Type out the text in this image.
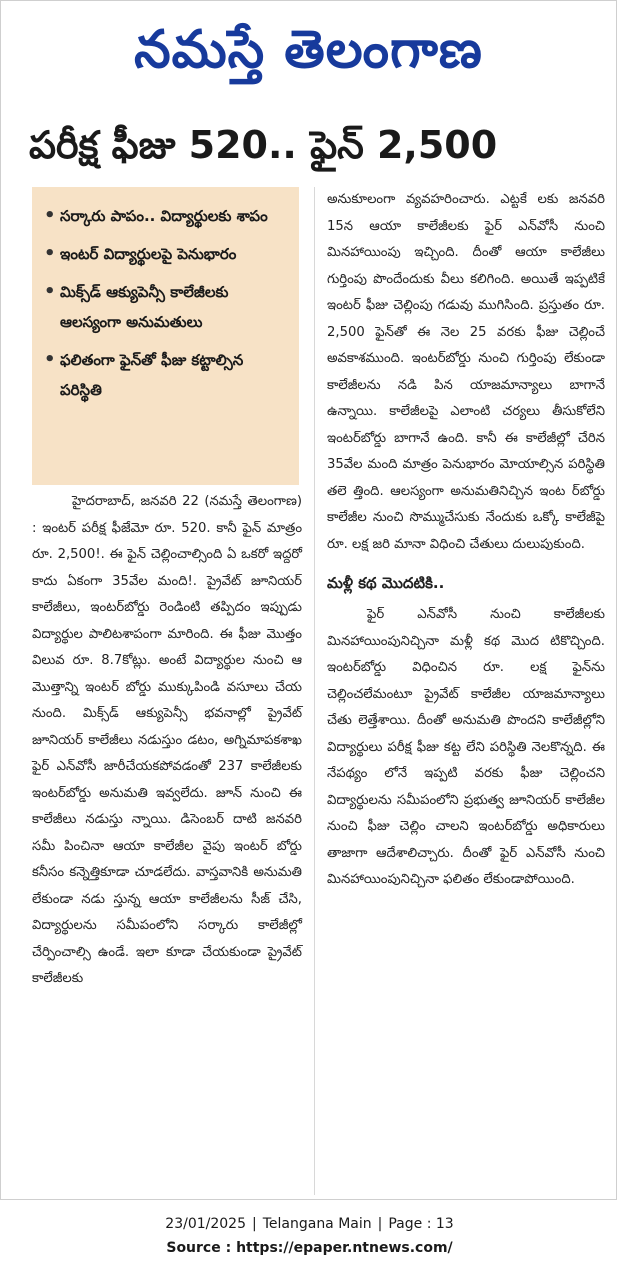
నమస్తే తెలంగాణ
పరీక్ష ఫీజు 520.. ఫైన్ 2,500
• సర్కారు పాపం.. విద్యార్థులకు శాపం
• ఇంటర్ విద్యార్థులపై పెనుభారం
• మిక్స్‌డ్ ఆక్యుపెన్సీ కాలేజీలకు ఆలస్యంగా అనుమతులు
• ఫలితంగా ఫైన్‌తో ఫీజు కట్టాల్సిన పరిస్థితి

హైదరాబాద్, జనవరి 22 (నమస్తే తెలంగాణ) : ఇంటర్ పరీక్ష ఫీజేమో రూ. 520. కానీ ఫైన్ మాత్రం రూ. 2,500!. ఈ ఫైన్ చెల్లించాల్సింది ఏ ఒకరో ఇద్దరో కాదు ఏకంగా 35వేల మంది!. ప్రైవేట్ జూనియర్ కాలేజీలు, ఇంటర్‌బోర్డు రెండింటి తప్పిదం ఇప్పుడు విద్యార్థుల పాలిటశాపంగా మారింది. ఈ ఫీజు మొత్తం విలువ రూ. 8.7కోట్లు. అంటే విద్యార్థుల నుంచి ఆ మొత్తాన్ని ఇంటర్ బోర్డు ముక్కుపిండి వసూలు చేయ నుంది. మిక్స్‌డ్ ఆక్యుపెన్సీ భవనాల్లో ప్రైవేట్ జూనియర్ కాలేజీలు నడుస్తుం డటం, అగ్నిమాపకశాఖ ఫైర్ ఎన్‌వోసీ జారీచేయకపోవడంతో 237 కాలేజీలకు ఇంటర్‌బోర్డు అనుమతి ఇవ్వలేదు. జూన్ నుంచి ఈ కాలేజీలు నడుస్తు న్నాయి. డిసెంబర్ దాటి జనవరి సమీ పించినా ఆయా కాలేజీల వైపు ఇంటర్ బోర్డు కనీసం కన్నెత్తికూడా చూడలేదు. వాస్తవానికి అనుమతి లేకుండా నడు స్తున్న ఆయా కాలేజీలను సీజ్ చేసి, విద్యార్థులను సమీపంలోని సర్కారు కాలేజీల్లో చేర్పించాల్సి ఉండే. ఇలా కూడా చేయకుండా ప్రైవేట్ కాలేజీలకు

అనుకూలంగా వ్యవహరించారు. ఎట్టకే లకు జనవరి 15న ఆయా కాలేజీలకు ఫైర్ ఎన్‌వోసీ నుంచి మినహాయింపు ఇచ్చింది. దీంతో ఆయా కాలేజీలు గుర్తింపు పొందేందుకు వీలు కలిగింది. అయితే ఇప్పటికే ఇంటర్ ఫీజు చెల్లింపు గడువు ముగిసింది. ప్రస్తుతం రూ. 2,500 ఫైన్‌తో ఈ నెల 25 వరకు ఫీజు చెల్లించే అవకాశముంది. ఇంటర్‌బోర్డు నుంచి గుర్తింపు లేకుండా కాలేజీలను నడి పిన యాజమాన్యాలు బాగానే ఉన్నాయి. కాలేజీలపై ఎలాంటి చర్యలు తీసుకోలేని ఇంటర్‌బోర్డు బాగానే ఉంది. కానీ ఈ కాలేజీల్లో చేరిన 35వేల మంది మాత్రం పెనుభారం మోయాల్సిన పరిస్థితి తలె త్తింది. ఆలస్యంగా అనుమతినిచ్చిన ఇంట ర్‌బోర్డు కాలేజీల నుంచి సొమ్ముచేసుకు నేందుకు ఒక్కో కాలేజీపై రూ. లక్ష జరి మానా విధించి చేతులు దులుపుకుంది.

మళ్లీ కథ మొదటికి..

ఫైర్ ఎన్‌వోసీ నుంచి కాలేజీలకు మినహాయింపునిచ్చినా మళ్లీ కథ మొద టికొచ్చింది. ఇంటర్‌బోర్డు విధించిన రూ. లక్ష ఫైన్‌ను చెల్లించలేమంటూ ప్రైవేట్ కాలేజీల యాజమాన్యాలు చేతు లెత్తేశాయి. దీంతో అనుమతి పొందని కాలేజీల్లోని విద్యార్థులు పరీక్ష ఫీజు కట్ట లేని పరిస్థితి నెలకొన్నది. ఈ నేపథ్యం లోనే ఇప్పటి వరకు ఫీజు చెల్లించని విద్యార్థులను సమీపంలోని ప్రభుత్వ జూనియర్ కాలేజీల నుంచి ఫీజు చెల్లిం చాలని ఇంటర్‌బోర్డు అధికారులు తాజాగా ఆదేశాలిచ్చారు. దీంతో ఫైర్ ఎన్‌వోసీ నుంచి మినహాయింపునిచ్చినా ఫలితం లేకుండాపోయింది.

23/01/2025 | Telangana Main | Page : 13
Source : https://epaper.ntnews.com/
